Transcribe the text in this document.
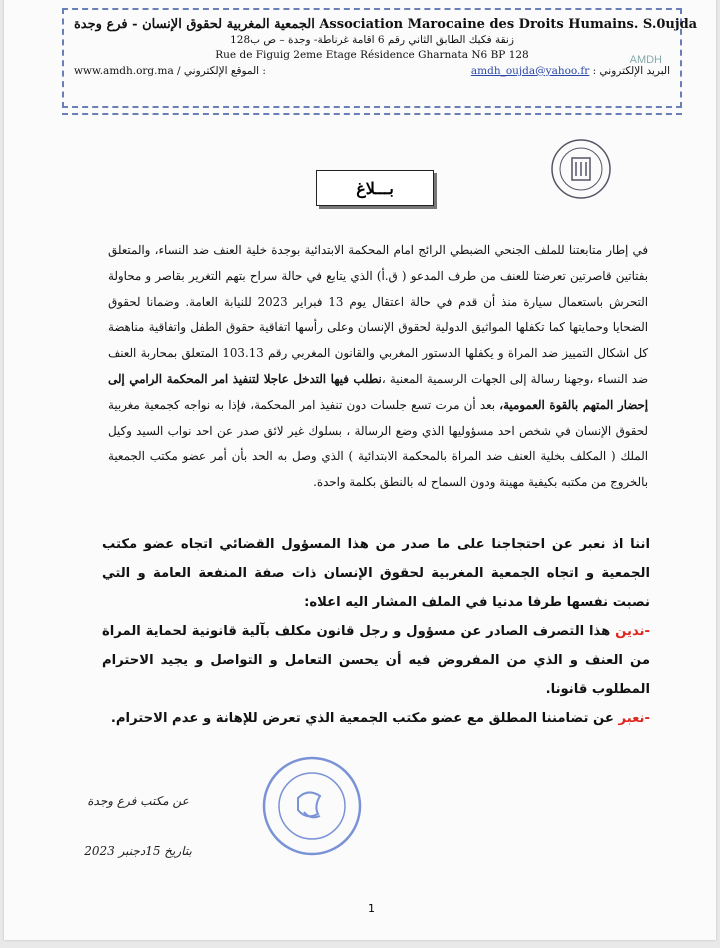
الجمعية المغربية لحقوق الإنسان - فرع وجدة Association Marocaine des Droits Humains. S.0ujda
زنقة فكيك الطابق الثاني رقم 6 اقامة غرناطة- وجدة – ص ب128
Rue de Figuig 2eme Etage Résidence Gharnata N6 BP 128
www.amdh.org.ma / الموقع الإلكتروني :	البريد الإلكتروني : amdh_oujda@yahoo.fr
AMDH
بـــلاغ

في إطار متابعتنا للملف الجنحي الضبطي الرائج امام المحكمة الابتدائية بوجدة خلية العنف ضد النساء، والمتعلق بفتاتين قاصرتين تعرضتا للعنف من طرف المدعو ( ق.أ) الذي يتابع في حالة سراح بتهم التغرير بقاصر و محاولة التحرش باستعمال سيارة منذ أن قدم في حالة اعتقال يوم 13 فبراير 2023 للنيابة العامة. وضمانا لحقوق الضحايا وحمايتها كما تكفلها المواثيق الدولية لحقوق الإنسان وعلى رأسها اتفاقية حقوق الطفل واتفاقية مناهضة كل اشكال التمييز ضد المراة و يكفلها الدستور المغربي والقانون المغربي رقم 103.13 المتعلق بمحاربة العنف ضد النساء ،وجهنا رسالة إلى الجهات الرسمية المعنية ،نطلب فيها التدخل عاجلا لتنفيذ امر المحكمة الرامي إلى إحضار المتهم بالقوة العمومية، بعد أن مرت تسع جلسات دون تنفيذ امر المحكمة، فإذا به نواجه كجمعية مغربية لحقوق الإنسان في شخص احد مسؤوليها الذي وضع الرسالة ، بسلوك غير لائق صدر عن احد نواب السيد وكيل الملك ( المكلف بخلية العنف ضد المراة بالمحكمة الابتدائية ) الذي وصل به الحد بأن أمر عضو مكتب الجمعية بالخروج من مكتبه بكيفية مهينة ودون السماح له بالنطق بكلمة واحدة.

اننا اذ نعبر عن احتجاجنا على ما صدر من هذا المسؤول القضائي اتجاه عضو مكتب الجمعية و اتجاه الجمعية المغربية لحقوق الإنسان ذات صفة المنفعة العامة و التي نصبت نفسها طرفا مدنيا في الملف المشار اليه اعلاه:

-ندين هذا التصرف الصادر عن مسؤول و رجل قانون مكلف بآلية قانونية لحماية المراة من العنف و الذي من المفروض فيه أن يحسن التعامل و التواصل و يجيد الاحترام المطلوب قانونا.

-نعبر عن تضامننا المطلق مع عضو مكتب الجمعية الذي تعرض للإهانة و عدم الاحترام.

عن مكتب فرع وجدة
بتاريخ 15دجنبر 2023
1
